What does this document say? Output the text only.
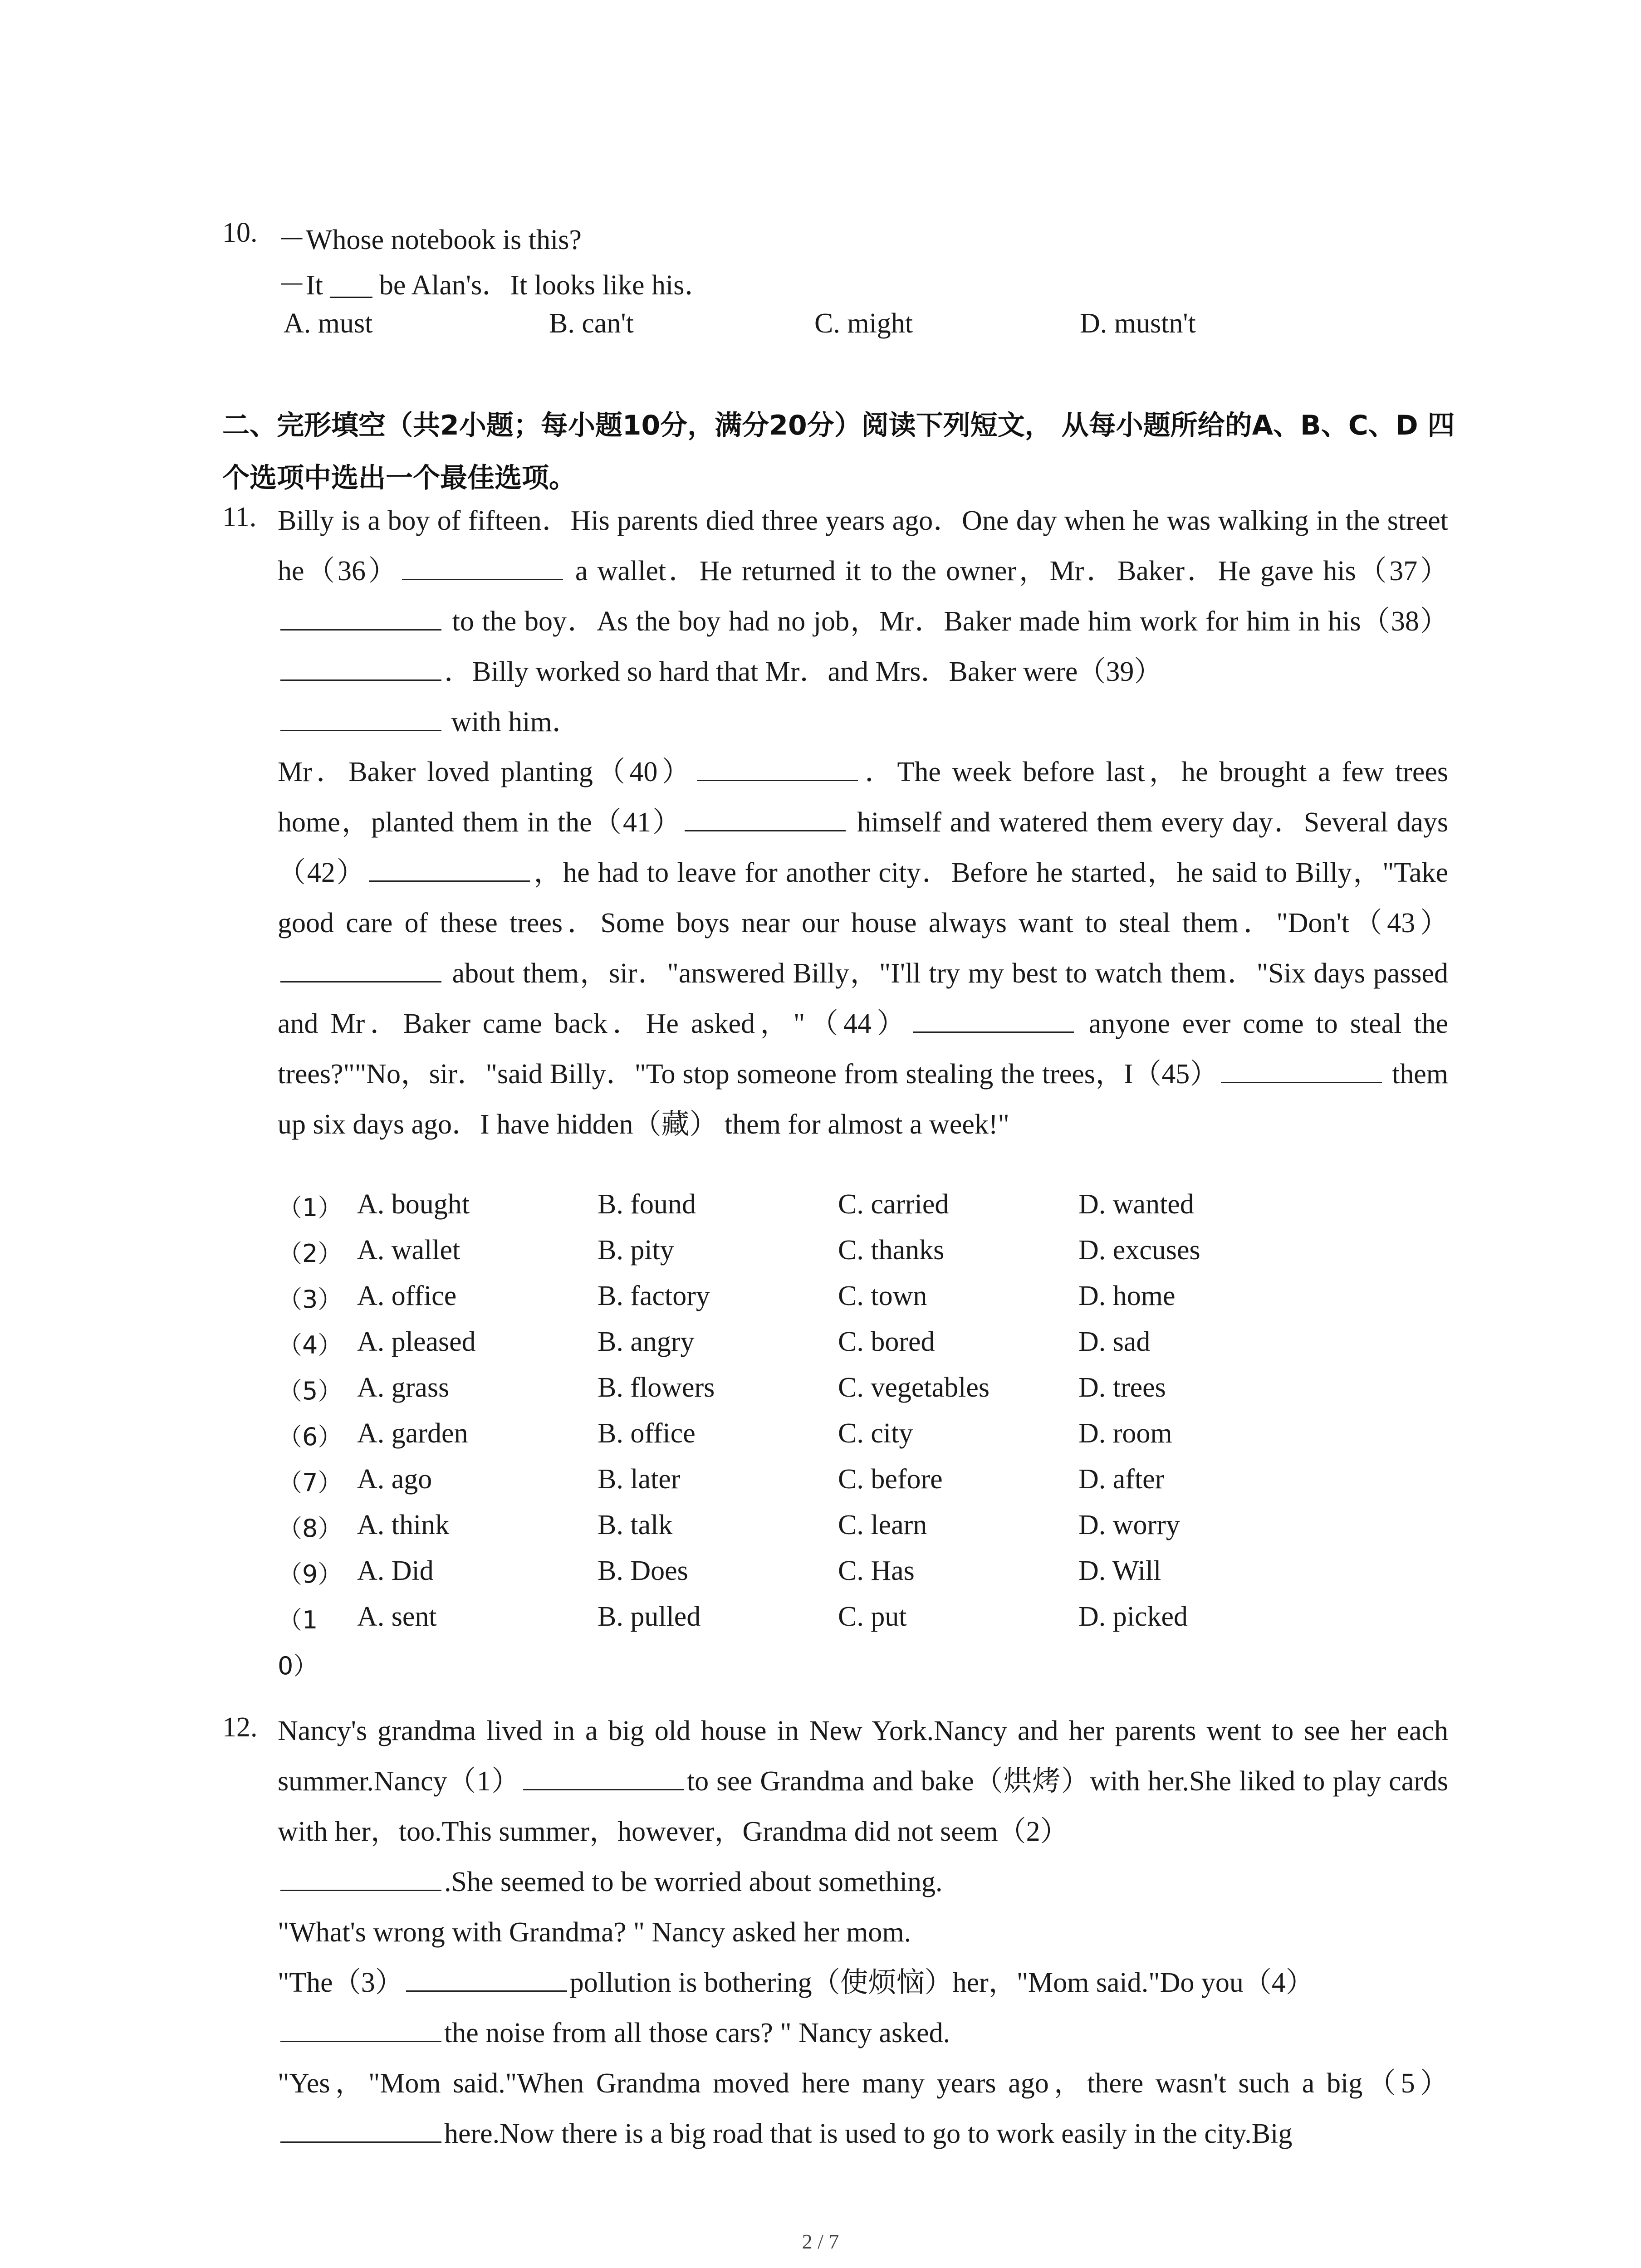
10. －Whose notebook is this?
－It ___ be Alan's．It looks like his．
A. must	B. can't	C. might	D. mustn't
二、完形填空（共2小题；每小题10分，满分20分）阅读下列短文， 从每小题所给的A、B、C、D 四个选项中选出一个最佳选项。
11. Billy is a boy of fifteen．His parents died three years ago．One day when he was walking in the street he（36）	a wallet．He returned it to the owner，Mr．Baker．He gave his（37） to the boy．As the boy had no job，Mr．Baker made him work for him in his（38）．Billy worked so hard that Mr．and Mrs．Baker were（39）
with him．
Mr．Baker loved planting（40）	．The week before last，he brought a few trees home，planted them in the（41）	himself and watered them every day．Several days（42）	，he had to leave for another city．Before he started，he said to Billy，"Take good care of these trees．Some boys near our house always want to steal them．"Don't（43） about them，sir．"answered Billy，"I'll try my best to watch them．"Six days passed and Mr．Baker came back．He asked，"（44）	anyone ever come to steal the trees?""No，sir．"said Billy．"To stop someone from stealing the trees，I（45）	them up six days ago．I have hidden（藏） them for almost a week!"
（1） A. bought	B. found	C. carried	D. wanted
（2） A. wallet	B. pity	C. thanks	D. excuses
（3） A. office	B. factory	C. town	D. home
（4） A. pleased	B. angry	C. bored	D. sad
（5） A. grass	B. flowers	C. vegetables	D. trees
（6） A. garden	B. office	C. city	D. room
（7） A. ago	B. later	C. before	D. after
（8） A. think	B. talk	C. learn	D. worry
（9） A. Did	B. Does	C. Has	D. Will
（1 A. sent	B. pulled	C. put	D. picked
0）
12. Nancy's grandma lived in a big old house in New York.Nancy and her parents went to see her each summer.Nancy（1）	to see Grandma and bake（烘烤）with her.She liked to play cards with her，too.This summer，however，Grandma did not seem（2）
.She seemed to be worried about something.
"What's wrong with Grandma? " Nancy asked her mom.
"The（3）	pollution is bothering（使烦恼）her，"Mom said."Do you（4）
the noise from all those cars? " Nancy asked.
"Yes，"Mom said."When Grandma moved here many years ago，there wasn't such a big（5）here.Now there is a big road that is used to go to work easily in the city.Big
2 / 7
